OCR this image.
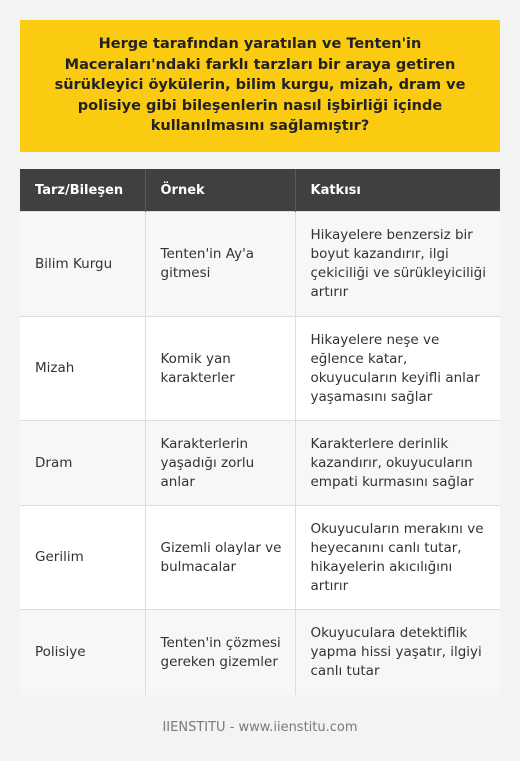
Herge tarafından yaratılan ve Tenten'in Maceraları'ndaki farklı tarzları bir araya getiren sürükleyici öykülerin, bilim kurgu, mizah, dram ve polisiye gibi bileşenlerin nasıl işbirliği içinde kullanılmasını sağlamıştır?
Tarz/Bileşen	Örnek	Katkısı
Bilim Kurgu	Tenten'in Ay'a gitmesi	Hikayelere benzersiz bir boyut kazandırır, ilgi çekiciliği ve sürükleyiciliği artırır
Mizah	Komik yan karakterler	Hikayelere neşe ve eğlence katar, okuyucuların keyifli anlar yaşamasını sağlar
Dram	Karakterlerin yaşadığı zorlu anlar	Karakterlere derinlik kazandırır, okuyucuların empati kurmasını sağlar
Gerilim	Gizemli olaylar ve bulmacalar	Okuyucuların merakını ve heyecanını canlı tutar, hikayelerin akıcılığını artırır
Polisiye	Tenten'in çözmesi gereken gizemler	Okuyuculara detektiflik yapma hissi yaşatır, ilgiyi canlı tutar
IIENSTITU - www.iienstitu.com
